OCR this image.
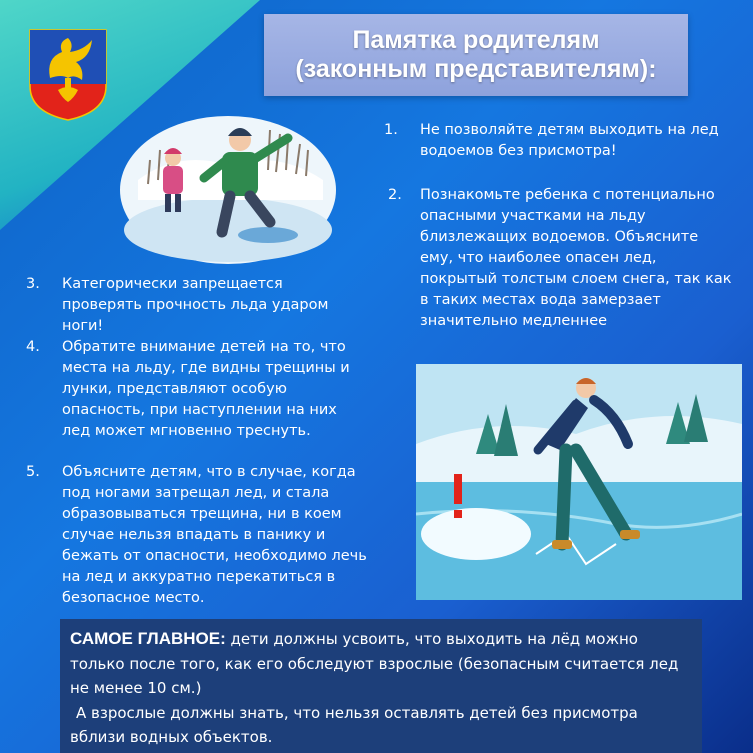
Памятка родителям
(законным представителям):
1.	Не позволяйте детям выходить на лед водоемов без присмотра!
2.	Познакомьте ребенка с потенциально опасными участками на льду близлежащих водоемов. Объясните ему, что наиболее опасен лед, покрытый толстым слоем снега, так как в таких местах вода замерзает значительно медленнее
3.	Категорически запрещается проверять прочность льда ударом ноги!
4.	Обратите внимание детей на то, что места на льду, где видны трещины и лунки, представляют особую опасность, при наступлении на них лед может мгновенно треснуть.
5.	Объясните детям, что в случае, когда под ногами затрещал лед, и стала образовываться трещина, ни в коем случае нельзя впадать в панику и бежать от опасности, необходимо лечь на лед и аккуратно перекатиться в безопасное место.
САМОЕ ГЛАВНОЕ: дети должны усвоить, что выходить на лёд можно только после того, как его обследуют взрослые (безопасным считается лед не менее 10 см.)
А взрослые должны знать, что нельзя оставлять детей без присмотра вблизи водных объектов.
